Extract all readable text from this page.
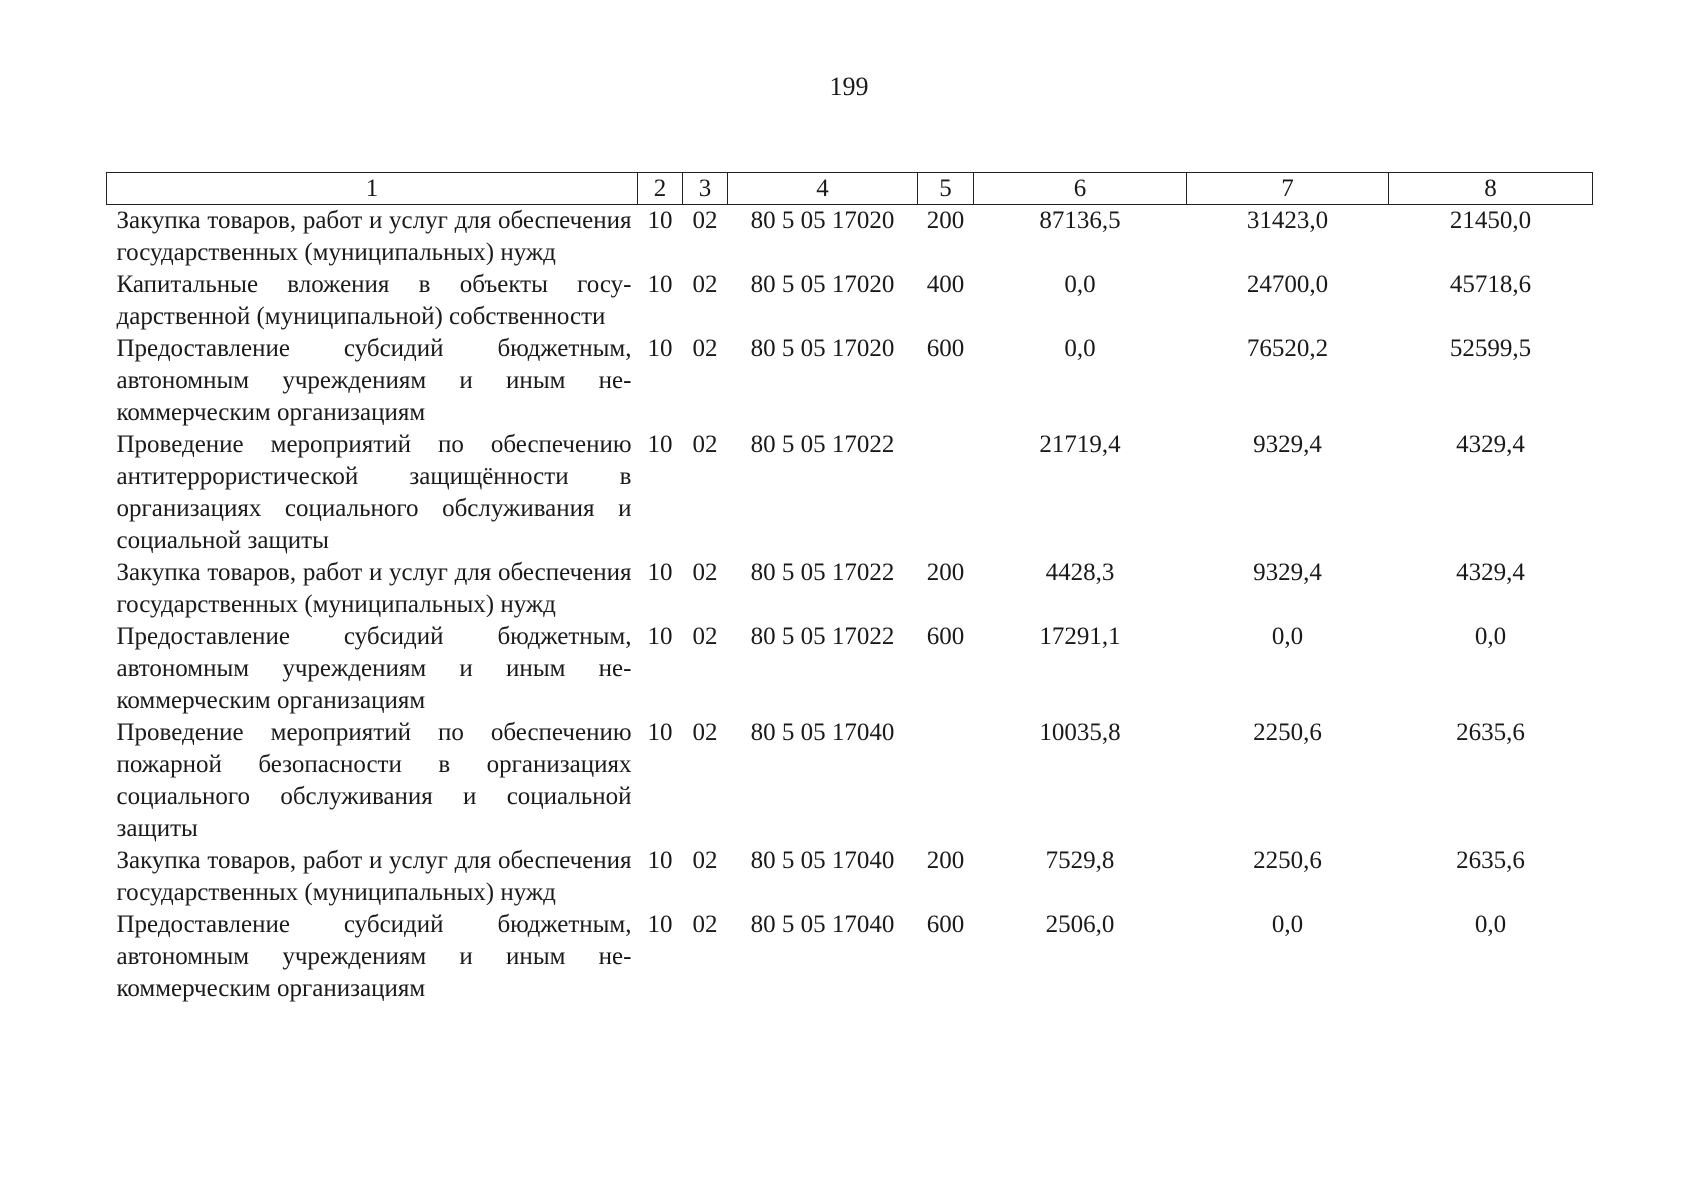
199
1	2	3	4	5	6	7	8
Закупка товаров, работ и услуг для обеспечения государственных (муниципальных) нужд	10	02	80 5 05 17020	200	87136,5	31423,0	21450,0
Капитальные вложения в объекты государственной (муниципальной) собственности	10	02	80 5 05 17020	400	0,0	24700,0	45718,6
Предоставление субсидий бюджетным, автономным учреждениям и иным некоммерческим организациям	10	02	80 5 05 17020	600	0,0	76520,2	52599,5
Проведение мероприятий по обеспечению антитеррористической защищённости в организациях социального обслуживания и социальной защиты	10	02	80 5 05 17022		21719,4	9329,4	4329,4
Закупка товаров, работ и услуг для обеспечения государственных (муниципальных) нужд	10	02	80 5 05 17022	200	4428,3	9329,4	4329,4
Предоставление субсидий бюджетным, автономным учреждениям и иным некоммерческим организациям	10	02	80 5 05 17022	600	17291,1	0,0	0,0
Проведение мероприятий по обеспечению пожарной безопасности в организациях социального обслуживания и социальной защиты	10	02	80 5 05 17040		10035,8	2250,6	2635,6
Закупка товаров, работ и услуг для обеспечения государственных (муниципальных) нужд	10	02	80 5 05 17040	200	7529,8	2250,6	2635,6
Предоставление субсидий бюджетным, автономным учреждениям и иным некоммерческим организациям	10	02	80 5 05 17040	600	2506,0	0,0	0,0
